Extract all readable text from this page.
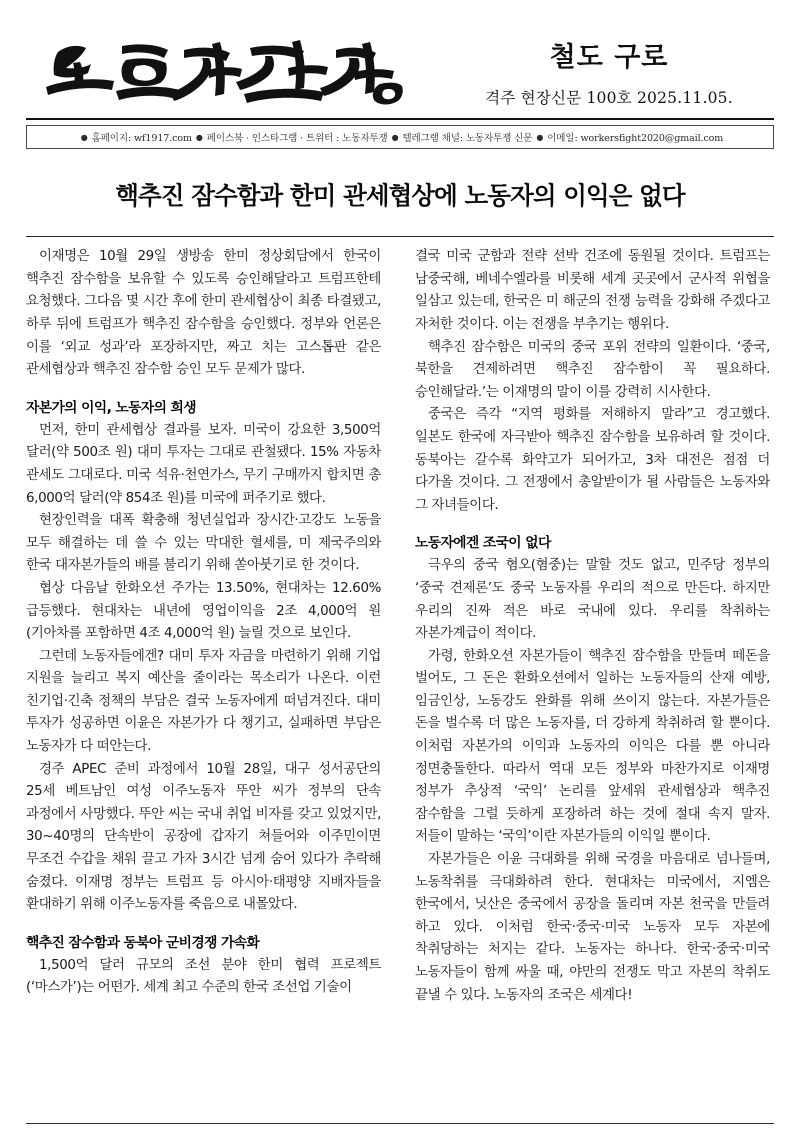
철도 구로
격주 현장신문 100호 2025.11.05.
● 홈페이지: wf1917.com ● 페이스북 · 인스타그램 · 트위터 : 노동자투쟁 ● 텔레그램 채널: 노동자투쟁 신문 ● 이메일: workersfight2020@gmail.com
핵추진 잠수함과 한미 관세협상에 노동자의 이익은 없다

이재명은 10월 29일 생방송 한미 정상회담에서 한국이 핵추진 잠수함을 보유할 수 있도록 승인해달라고 트럼프한테 요청했다. 그다음 몇 시간 후에 한미 관세협상이 최종 타결됐고, 하루 뒤에 트럼프가 핵추진 잠수함을 승인했다. 정부와 언론은 이를 ‘외교 성과’라 포장하지만, 짜고 치는 고스톱판 같은 관세협상과 핵추진 잠수함 승인 모두 문제가 많다.

자본가의 이익, 노동자의 희생

먼저, 한미 관세협상 결과를 보자. 미국이 강요한 3,500억 달러(약 500조 원) 대미 투자는 그대로 관철됐다. 15% 자동차 관세도 그대로다. 미국 석유·천연가스, 무기 구매까지 합치면 총 6,000억 달러(약 854조 원)를 미국에 퍼주기로 했다.

현장인력을 대폭 확충해 청년실업과 장시간·고강도 노동을 모두 해결하는 데 쓸 수 있는 막대한 혈세를, 미 제국주의와 한국 대자본가들의 배를 불리기 위해 쏟아붓기로 한 것이다.

협상 다음날 한화오션 주가는 13.50%, 현대차는 12.60% 급등했다. 현대차는 내년에 영업이익을 2조 4,000억 원(기아차를 포함하면 4조 4,000억 원) 늘릴 것으로 보인다.

그런데 노동자들에겐? 대미 투자 자금을 마련하기 위해 기업 지원을 늘리고 복지 예산을 줄이라는 목소리가 나온다. 이런 친기업·긴축 정책의 부담은 결국 노동자에게 떠넘겨진다. 대미 투자가 성공하면 이윤은 자본가가 다 챙기고, 실패하면 부담은 노동자가 다 떠안는다.

경주 APEC 준비 과정에서 10월 28일, 대구 성서공단의 25세 베트남인 여성 이주노동자 뚜안 씨가 정부의 단속 과정에서 사망했다. 뚜안 씨는 국내 취업 비자를 갖고 있었지만, 30~40명의 단속반이 공장에 갑자기 쳐들어와 이주민이면 무조건 수갑을 채워 끌고 가자 3시간 넘게 숨어 있다가 추락해 숨졌다. 이재명 정부는 트럼프 등 아시아·태평양 지배자들을 환대하기 위해 이주노동자를 죽음으로 내몰았다.

핵추진 잠수함과 동북아 군비경쟁 가속화

1,500억 달러 규모의 조선 분야 한미 협력 프로젝트(‘마스가’)는 어떤가. 세계 최고 수준의 한국 조선업 기술이

결국 미국 군함과 전략 선박 건조에 동원될 것이다. 트럼프는 남중국해, 베네수엘라를 비롯해 세계 곳곳에서 군사적 위협을 일삼고 있는데, 한국은 미 해군의 전쟁 능력을 강화해 주겠다고 자처한 것이다. 이는 전쟁을 부추기는 행위다.

핵추진 잠수함은 미국의 중국 포위 전략의 일환이다. ‘중국, 북한을 견제하려면 핵추진 잠수함이 꼭 필요하다. 승인해달라.’는 이재명의 말이 이를 강력히 시사한다.

중국은 즉각 “지역 평화를 저해하지 말라”고 경고했다. 일본도 한국에 자극받아 핵추진 잠수함을 보유하려 할 것이다. 동북아는 갈수록 화약고가 되어가고, 3차 대전은 점점 더 다가올 것이다. 그 전쟁에서 총알받이가 될 사람들은 노동자와 그 자녀들이다.

노동자에겐 조국이 없다

극우의 중국 혐오(혐중)는 말할 것도 없고, 민주당 정부의 ‘중국 견제론’도 중국 노동자를 우리의 적으로 만든다. 하지만 우리의 진짜 적은 바로 국내에 있다. 우리를 착취하는 자본가계급이 적이다.

가령, 한화오션 자본가들이 핵추진 잠수함을 만들며 떼돈을 벌어도, 그 돈은 환화오션에서 일하는 노동자들의 산재 예방, 임금인상, 노동강도 완화를 위해 쓰이지 않는다. 자본가들은 돈을 벌수록 더 많은 노동자를, 더 강하게 착취하려 할 뿐이다. 이처럼 자본가의 이익과 노동자의 이익은 다를 뿐 아니라 정면충돌한다. 따라서 역대 모든 정부와 마찬가지로 이재명 정부가 추상적 ‘국익’ 논리를 앞세워 관세협상과 핵추진 잠수함을 그럴 듯하게 포장하려 하는 것에 절대 속지 말자. 저들이 말하는 ‘국익’이란 자본가들의 이익일 뿐이다.

자본가들은 이윤 극대화를 위해 국경을 마음대로 넘나들며, 노동착취를 극대화하려 한다. 현대차는 미국에서, 지엠은 한국에서, 닛산은 중국에서 공장을 돌리며 자본 천국을 만들려 하고 있다. 이처럼 한국·중국·미국 노동자 모두 자본에 착취당하는 처지는 같다. 노동자는 하나다. 한국·중국·미국 노동자들이 함께 싸울 때, 야만의 전쟁도 막고 자본의 착취도 끝낼 수 있다. 노동자의 조국은 세계다!
